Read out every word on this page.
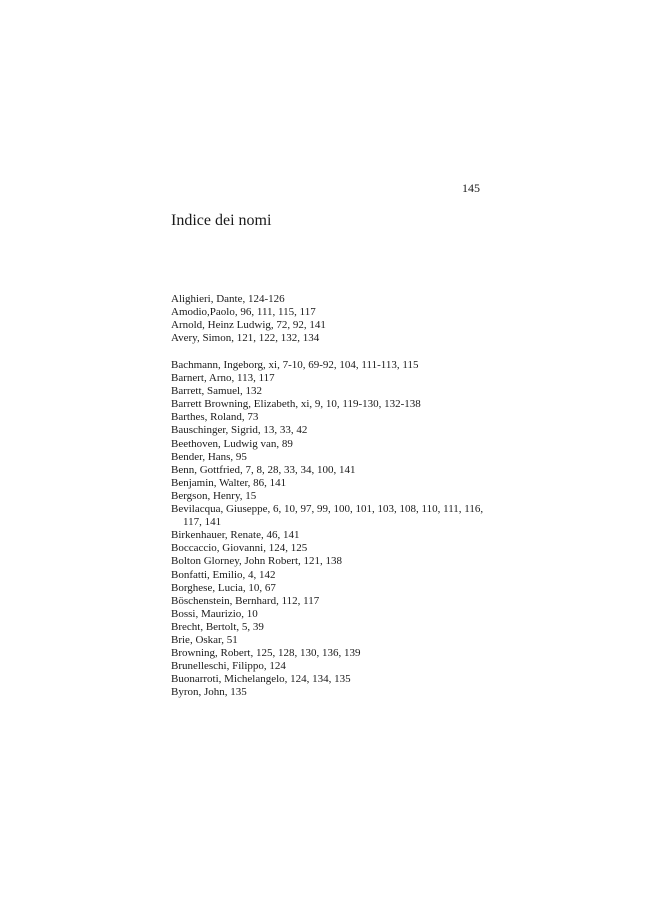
145
Indice dei nomi
Alighieri, Dante, 124-126
Amodio,Paolo, 96, 111, 115, 117
Arnold, Heinz Ludwig, 72, 92, 141
Avery, Simon, 121, 122, 132, 134
Bachmann, Ingeborg, xi, 7-10, 69-92, 104, 111-113, 115
Barnert, Arno, 113, 117
Barrett, Samuel, 132
Barrett Browning, Elizabeth, xi, 9, 10, 119-130, 132-138
Barthes, Roland, 73
Bauschinger, Sigrid, 13, 33, 42
Beethoven, Ludwig van, 89
Bender, Hans, 95
Benn, Gottfried, 7, 8, 28, 33, 34, 100, 141
Benjamin, Walter, 86, 141
Bergson, Henry, 15
Bevilacqua, Giuseppe, 6, 10, 97, 99, 100, 101, 103, 108, 110, 111, 116,
117, 141
Birkenhauer, Renate, 46, 141
Boccaccio, Giovanni, 124, 125
Bolton Glorney, John Robert, 121, 138
Bonfatti, Emilio, 4, 142
Borghese, Lucia, 10, 67
Böschenstein, Bernhard, 112, 117
Bossi, Maurizio, 10
Brecht, Bertolt, 5, 39
Brie, Oskar, 51
Browning, Robert, 125, 128, 130, 136, 139
Brunelleschi, Filippo, 124
Buonarroti, Michelangelo, 124, 134, 135
Byron, John, 135
